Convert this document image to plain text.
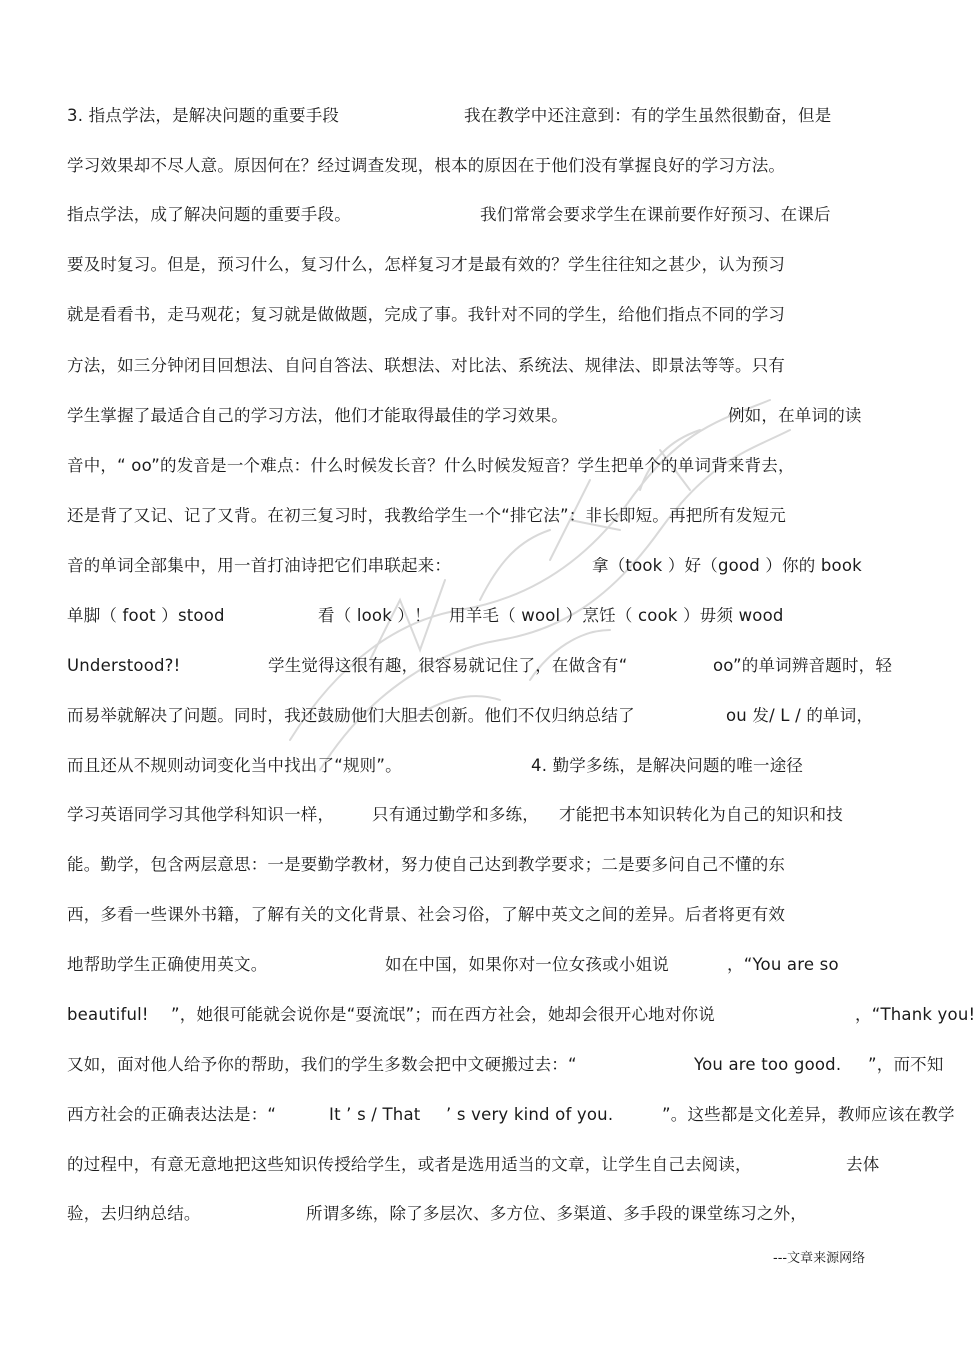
3. 指点学法，是解决问题的重要手段	我在教学中还注意到：有的学生虽然很勤奋，但是
学习效果却不尽人意。原因何在？经过调查发现，根本的原因在于他们没有掌握良好的学习方法。
指点学法，成了解决问题的重要手段。	我们常常会要求学生在课前要作好预习、在课后
要及时复习。但是，预习什么，复习什么，怎样复习才是最有效的？学生往往知之甚少，认为预习
就是看看书，走马观花；复习就是做做题，完成了事。我针对不同的学生，给他们指点不同的学习
方法，如三分钟闭目回想法、自问自答法、联想法、对比法、系统法、规律法、即景法等等。只有
学生掌握了最适合自己的学习方法，他们才能取得最佳的学习效果。	例如，在单词的读
音中，“ oo”的发音是一个难点：什么时候发长音？什么时候发短音？学生把单个的单词背来背去，
还是背了又记、记了又背。在初三复习时，我教给学生一个“排它法”：非长即短。再把所有发短元
音的单词全部集中，用一首打油诗把它们串联起来：	拿（took ）好（good ）你的 book
单脚（ foot ）stood	看（ look ）！ 用羊毛（ wool ）烹饪（ cook ）毋须 wood
Understood?!	学生觉得这很有趣，很容易就记住了，在做含有“	oo”的单词辨音题时，轻
而易举就解决了问题。同时，我还鼓励他们大胆去创新。他们不仅归纳总结了	ou 发/ L / 的单词，
而且还从不规则动词变化当中找出了“规则”。	4. 勤学多练，是解决问题的唯一途径
学习英语同学习其他学科知识一样， 只有通过勤学和多练， 才能把书本知识转化为自己的知识和技
能。勤学，包含两层意思：一是要勤学教材，努力使自己达到教学要求；二是要多问自己不懂的东
西，多看一些课外书籍，了解有关的文化背景、社会习俗，了解中英文之间的差异。后者将更有效
地帮助学生正确使用英文。	如在中国，如果你对一位女孩或小姐说	，“You are so
beautiful! ”，她很可能就会说你是“耍流氓”；而在西方社会，她却会很开心地对你说	，“Thank you!
又如，面对他人给予你的帮助，我们的学生多数会把中文硬搬过去：“	You are too good. ”，而不知
西方社会的正确表达法是：“	It ’ s / That ’ s very kind of you.	”。这些都是文化差异，教师应该在教学
的过程中，有意无意地把这些知识传授给学生，或者是选用适当的文章，让学生自己去阅读，	去体
验，去归纳总结。	所谓多练，除了多层次、多方位、多渠道、多手段的课堂练习之外，
---文章来源网络
